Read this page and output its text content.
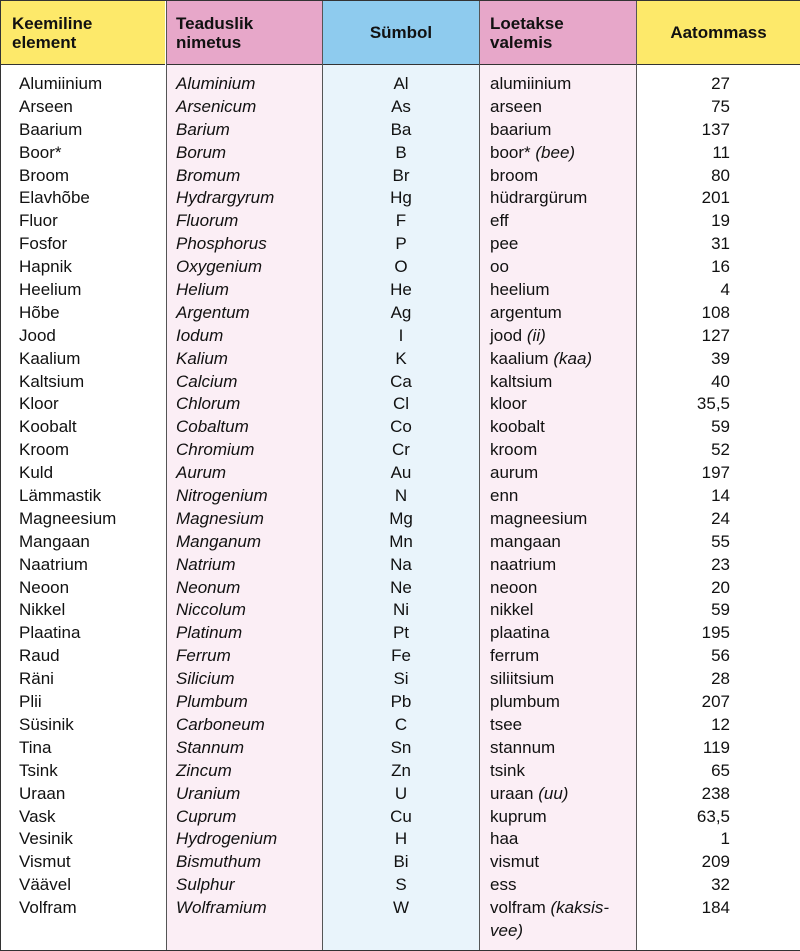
Keemiline
element
Alumiinium
Arseen
Baarium
Boor*
Broom
Elavhõbe
Fluor
Fosfor
Hapnik
Heelium
Hõbe
Jood
Kaalium
Kaltsium
Kloor
Koobalt
Kroom
Kuld
Lämmastik
Magneesium
Mangaan
Naatrium
Neoon
Nikkel
Plaatina
Raud
Räni
Plii
Süsinik
Tina
Tsink
Uraan
Vask
Vesinik
Vismut
Väävel
Volfram
Teaduslik
nimetus
Aluminium
Arsenicum
Barium
Borum
Bromum
Hydrargyrum
Fluorum
Phosphorus
Oxygenium
Helium
Argentum
Iodum
Kalium
Calcium
Chlorum
Cobaltum
Chromium
Aurum
Nitrogenium
Magnesium
Manganum
Natrium
Neonum
Niccolum
Platinum
Ferrum
Silicium
Plumbum
Carboneum
Stannum
Zincum
Uranium
Cuprum
Hydrogenium
Bismuthum
Sulphur
Wolframium
Sümbol
Al
As
Ba
B
Br
Hg
F
P
O
He
Ag
I
K
Ca
Cl
Co
Cr
Au
N
Mg
Mn
Na
Ne
Ni
Pt
Fe
Si
Pb
C
Sn
Zn
U
Cu
H
Bi
S
W
Loetakse
valemis
alumiinium
arseen
baarium
boor* (bee)
broom
hüdrargürum
eff
pee
oo
heelium
argentum
jood (ii)
kaalium (kaa)
kaltsium
kloor
koobalt
kroom
aurum
enn
magneesium
mangaan
naatrium
neoon
nikkel
plaatina
ferrum
siliitsium
plumbum
tsee
stannum
tsink
uraan (uu)
kuprum
haa
vismut
ess
volfram (kaksis-vee)
Aatommass
27
75
137
11
80
201
19
31
16
4
108
127
39
40
35,5
59
52
197
14
24
55
23
20
59
195
56
28
207
12
119
65
238
63,5
1
209
32
184
